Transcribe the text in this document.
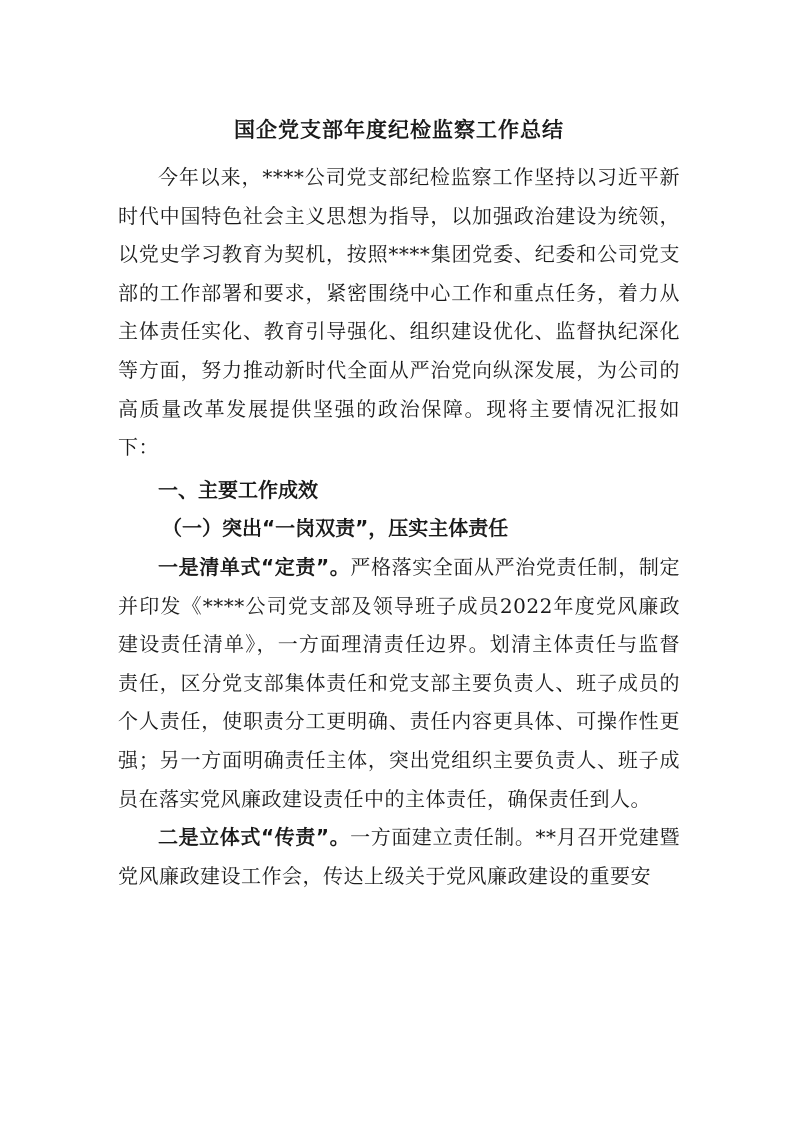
国企党支部年度纪检监察工作总结

今年以来，****公司党支部纪检监察工作坚持以习近平新时代中国特色社会主义思想为指导，以加强政治建设为统领，以党史学习教育为契机，按照****集团党委、纪委和公司党支部的工作部署和要求，紧密围绕中心工作和重点任务，着力从主体责任实化、教育引导强化、组织建设优化、监督执纪深化等方面，努力推动新时代全面从严治党向纵深发展，为公司的高质量改革发展提供坚强的政治保障。现将主要情况汇报如下：

一、主要工作成效

（一）突出“一岗双责”，压实主体责任

一是清单式“定责”。严格落实全面从严治党责任制，制定并印发《****公司党支部及领导班子成员2022年度党风廉政建设责任清单》，一方面理清责任边界。划清主体责任与监督责任，区分党支部集体责任和党支部主要负责人、班子成员的个人责任，使职责分工更明确、责任内容更具体、可操作性更强；另一方面明确责任主体，突出党组织主要负责人、班子成员在落实党风廉政建设责任中的主体责任，确保责任到人。

二是立体式“传责”。一方面建立责任制。**月召开党建暨党风廉政建设工作会，传达上级关于党风廉政建设的重要安
